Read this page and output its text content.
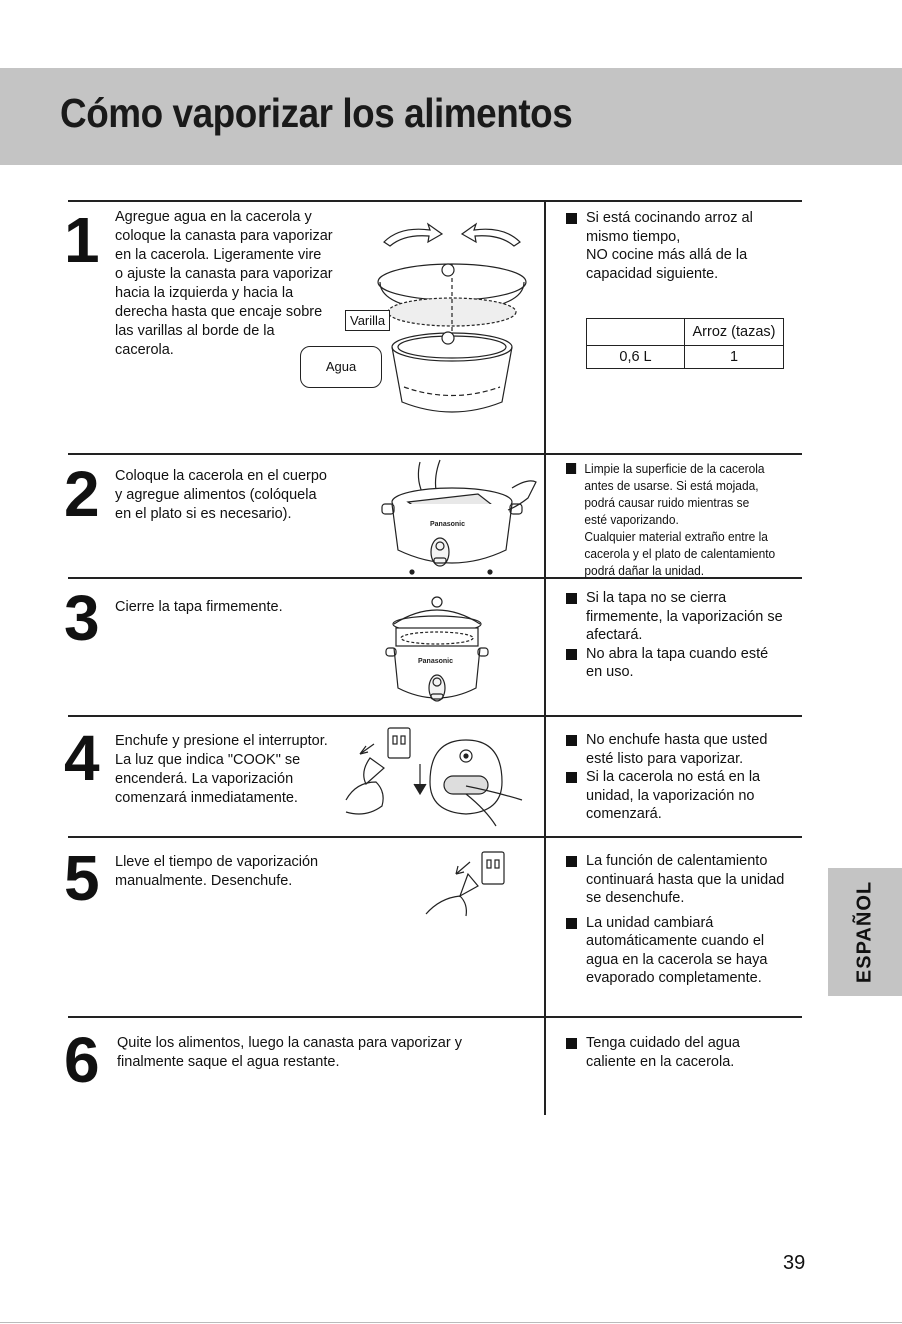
Cómo vaporizar los alimentos
1 Agregue agua en la cacerola y
coloque la canasta para vaporizar
en la cacerola. Ligeramente vire
o ajuste la canasta para vaporizar
hacia la izquierda y hacia la
derecha hasta que encaje sobre
las varillas al borde de la
cacerola.
Varilla
Agua
Si está cocinando arroz al
mismo tiempo,
NO cocine más allá de la
capacidad siguiente.
	Arroz (tazas)
0,6 L	1
2 Coloque la cacerola en el cuerpo
y agregue alimentos (colóquela
en el plato si es necesario).
Panasonic
Limpie la superficie de la cacerola
antes de usarse. Si está mojada,
podrá causar ruido mientras se
esté vaporizando.
Cualquier material extraño entre la
cacerola y el plato de calentamiento
podrá dañar la unidad.
3 Cierre la tapa firmemente.
Panasonic
Si la tapa no se cierra
firmemente, la vaporización se
afectará.
No abra la tapa cuando esté
en uso.
4 Enchufe y presione el interruptor.
La luz que indica "COOK" se
encenderá. La vaporización
comenzará inmediatamente.
No enchufe hasta que usted
esté listo para vaporizar.
Si la cacerola no está en la
unidad, la vaporización no
comenzará.
5 Lleve el tiempo de vaporización
manualmente. Desenchufe.
La función de calentamiento
continuará hasta que la unidad
se desenchufe.
La unidad cambiará
automáticamente cuando el
agua en la cacerola se haya
evaporado completamente.
6 Quite los alimentos, luego la canasta para vaporizar y
finalmente saque el agua restante.
Tenga cuidado del agua
caliente en la cacerola.
ESPAÑOL
39
